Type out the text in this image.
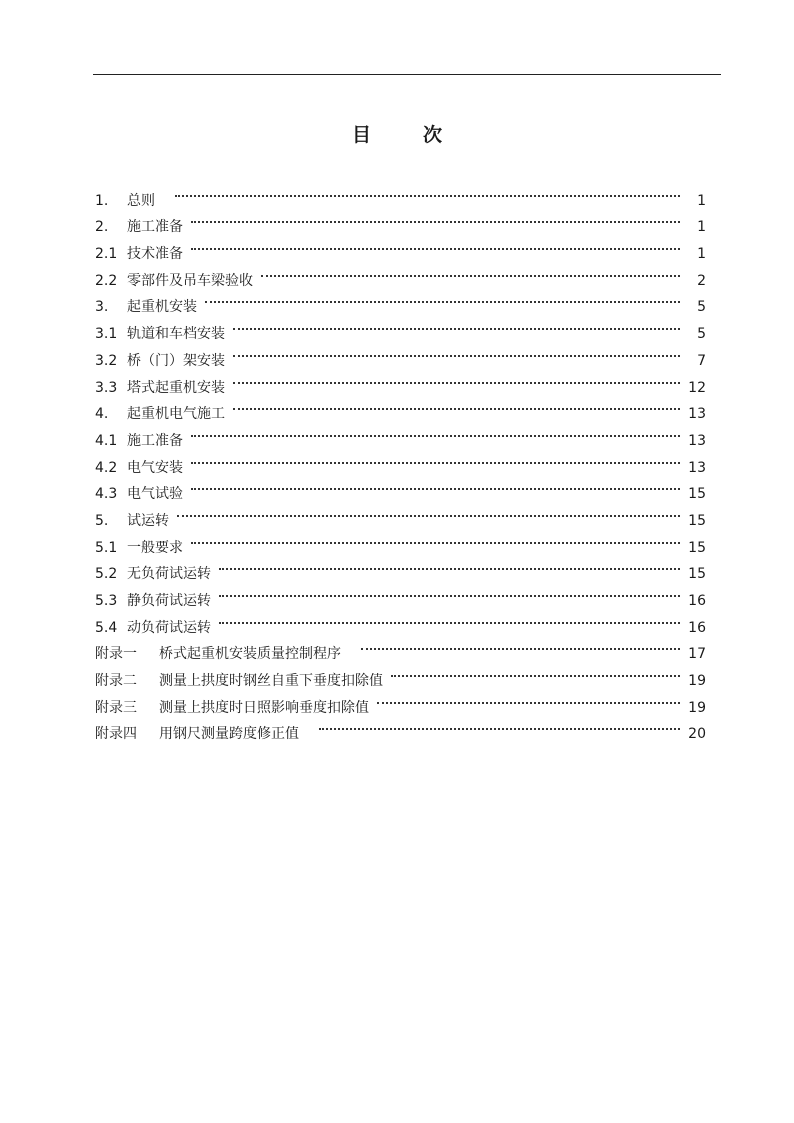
目	次
1.	总则	1
2.	施工准备	1
2.1 技术准备	1
2.2 零部件及吊车梁验收	2
3.	起重机安装	5
3.1 轨道和车档安装	5
3.2 桥（门）架安装	7
3.3 塔式起重机安装	12
4.	起重机电气施工	13
4.1 施工准备	13
4.2 电气安装	13
4.3 电气试验	15
5.	试运转	15
5.1 一般要求	15
5.2 无负荷试运转	15
5.3 静负荷试运转	16
5.4 动负荷试运转	16
附录一	桥式起重机安装质量控制程序	17
附录二	测量上拱度时钢丝自重下垂度扣除值	19
附录三	测量上拱度时日照影响垂度扣除值	19
附录四	用钢尺测量跨度修正值	20
